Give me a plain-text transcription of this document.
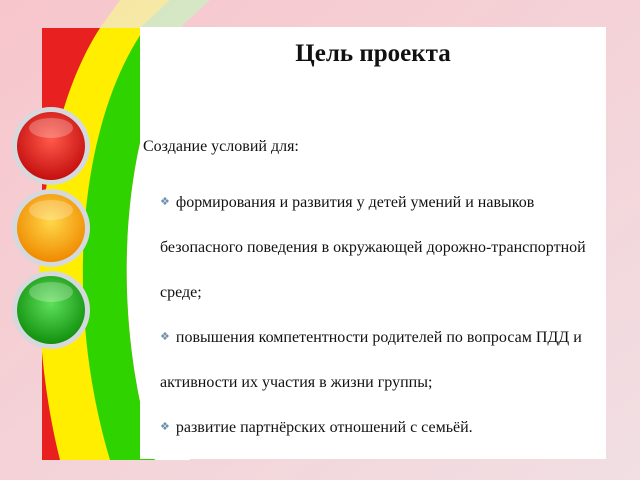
Цель проекта
Создание условий для:
❖ формирования и развития у детей умений и навыков безопасного поведения в окружающей дорожно-транспортной среде;
❖ повышения компетентности родителей по вопросам ПДД и активности их участия в жизни группы;
❖ развитие партнёрских отношений с семьёй.
